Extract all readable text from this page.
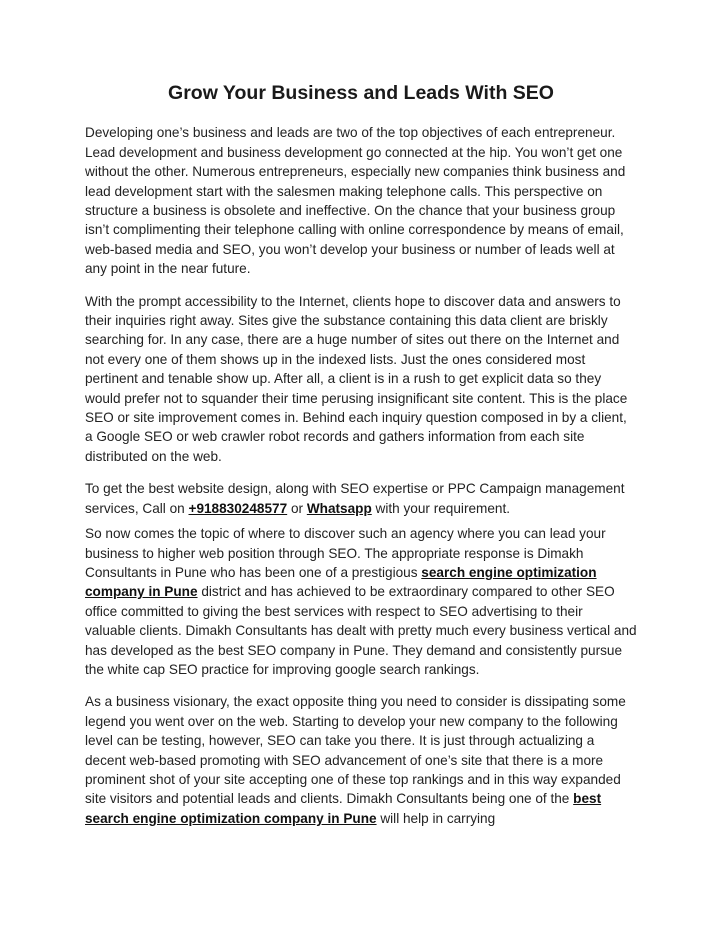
Grow Your Business and Leads With SEO

Developing one’s business and leads are two of the top objectives of each entrepreneur. Lead development and business development go connected at the hip. You won’t get one without the other. Numerous entrepreneurs, especially new companies think business and lead development start with the salesmen making telephone calls. This perspective on structure a business is obsolete and ineffective. On the chance that your business group isn’t complimenting their telephone calling with online correspondence by means of email, web-based media and SEO, you won’t develop your business or number of leads well at any point in the near future.

With the prompt accessibility to the Internet, clients hope to discover data and answers to their inquiries right away. Sites give the substance containing this data client are briskly searching for. In any case, there are a huge number of sites out there on the Internet and not every one of them shows up in the indexed lists. Just the ones considered most pertinent and tenable show up. After all, a client is in a rush to get explicit data so they would prefer not to squander their time perusing insignificant site content. This is the place SEO or site improvement comes in. Behind each inquiry question composed in by a client, a Google SEO or web crawler robot records and gathers information from each site distributed on the web.

To get the best website design, along with SEO expertise or PPC Campaign management services, Call on +918830248577 or Whatsapp with your requirement.

So now comes the topic of where to discover such an agency where you can lead your business to higher web position through SEO. The appropriate response is Dimakh Consultants in Pune who has been one of a prestigious search engine optimization company in Pune district and has achieved to be extraordinary compared to other SEO office committed to giving the best services with respect to SEO advertising to their valuable clients. Dimakh Consultants has dealt with pretty much every business vertical and has developed as the best SEO company in Pune. They demand and consistently pursue the white cap SEO practice for improving google search rankings.

As a business visionary, the exact opposite thing you need to consider is dissipating some legend you went over on the web. Starting to develop your new company to the following level can be testing, however, SEO can take you there. It is just through actualizing a decent web-based promoting with SEO advancement of one’s site that there is a more prominent shot of your site accepting one of these top rankings and in this way expanded site visitors and potential leads and clients. Dimakh Consultants being one of the best search engine optimization company in Pune will help in carrying
